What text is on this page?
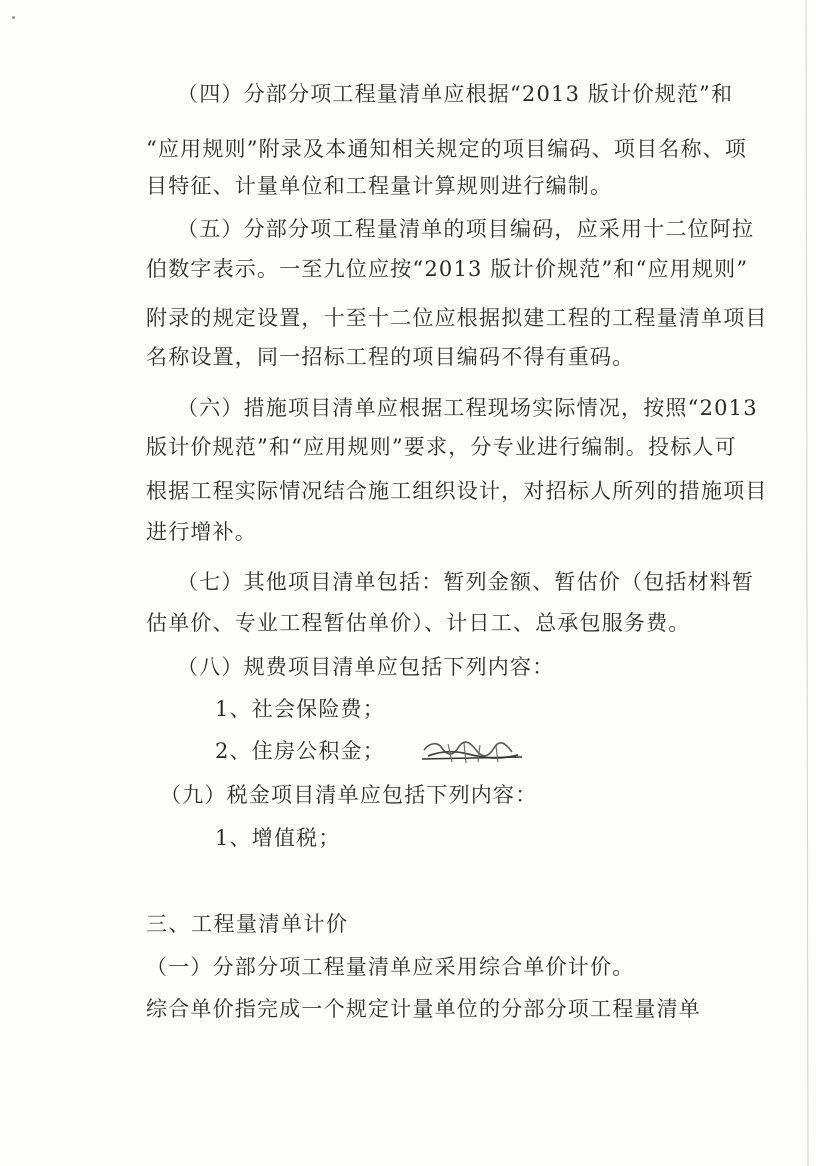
（四）分部分项工程量清单应根据“2013 版计价规范”和
“应用规则”附录及本通知相关规定的项目编码、项目名称、项
目特征、计量单位和工程量计算规则进行编制。
（五）分部分项工程量清单的项目编码，应采用十二位阿拉
伯数字表示。一至九位应按“2013 版计价规范”和“应用规则”
附录的规定设置，十至十二位应根据拟建工程的工程量清单项目
名称设置，同一招标工程的项目编码不得有重码。
（六）措施项目清单应根据工程现场实际情况，按照“2013
版计价规范”和“应用规则”要求，分专业进行编制。投标人可
根据工程实际情况结合施工组织设计，对招标人所列的措施项目
进行增补。
（七）其他项目清单包括：暂列金额、暂估价（包括材料暂
估单价、专业工程暂估单价）、计日工、总承包服务费。
（八）规费项目清单应包括下列内容：
1、社会保险费；
2、住房公积金；
（九）税金项目清单应包括下列内容：
1、增值税；
三、工程量清单计价
（一）分部分项工程量清单应采用综合单价计价。
综合单价指完成一个规定计量单位的分部分项工程量清单
